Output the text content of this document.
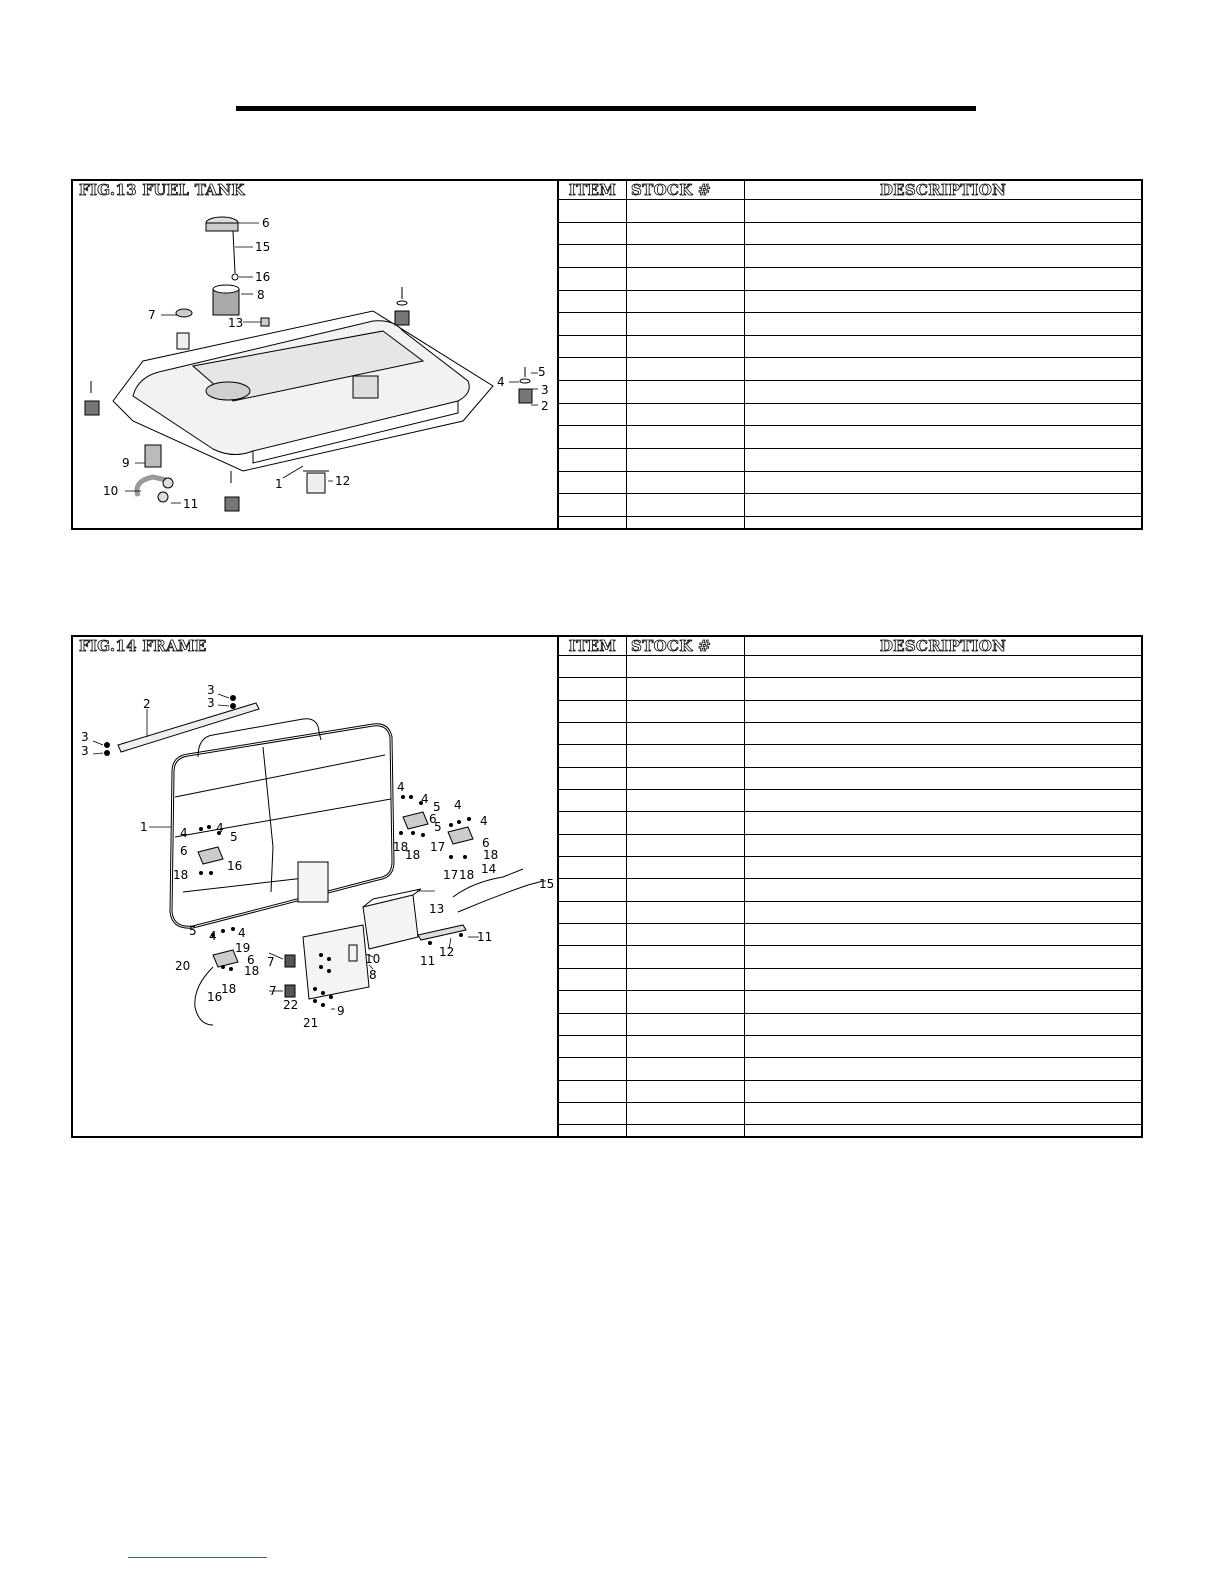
FIG.13 FUEL TANK
6
15
16
8
7
13
5
4
3
2
1	12
9
10
11
ITEM	STOCK #	DESCRIPTION

FIG.14 FRAME
3
3
2
3
3
1	4 4
5
6
16
18
4
4
5
6
4
4
5
6
18
18
17
18
17 18 14
15
13
11
12
11
5 4 4
19
20	6
18
18
16
7
7
10
8
22	9
21
ITEM	STOCK #	DESCRIPTION
